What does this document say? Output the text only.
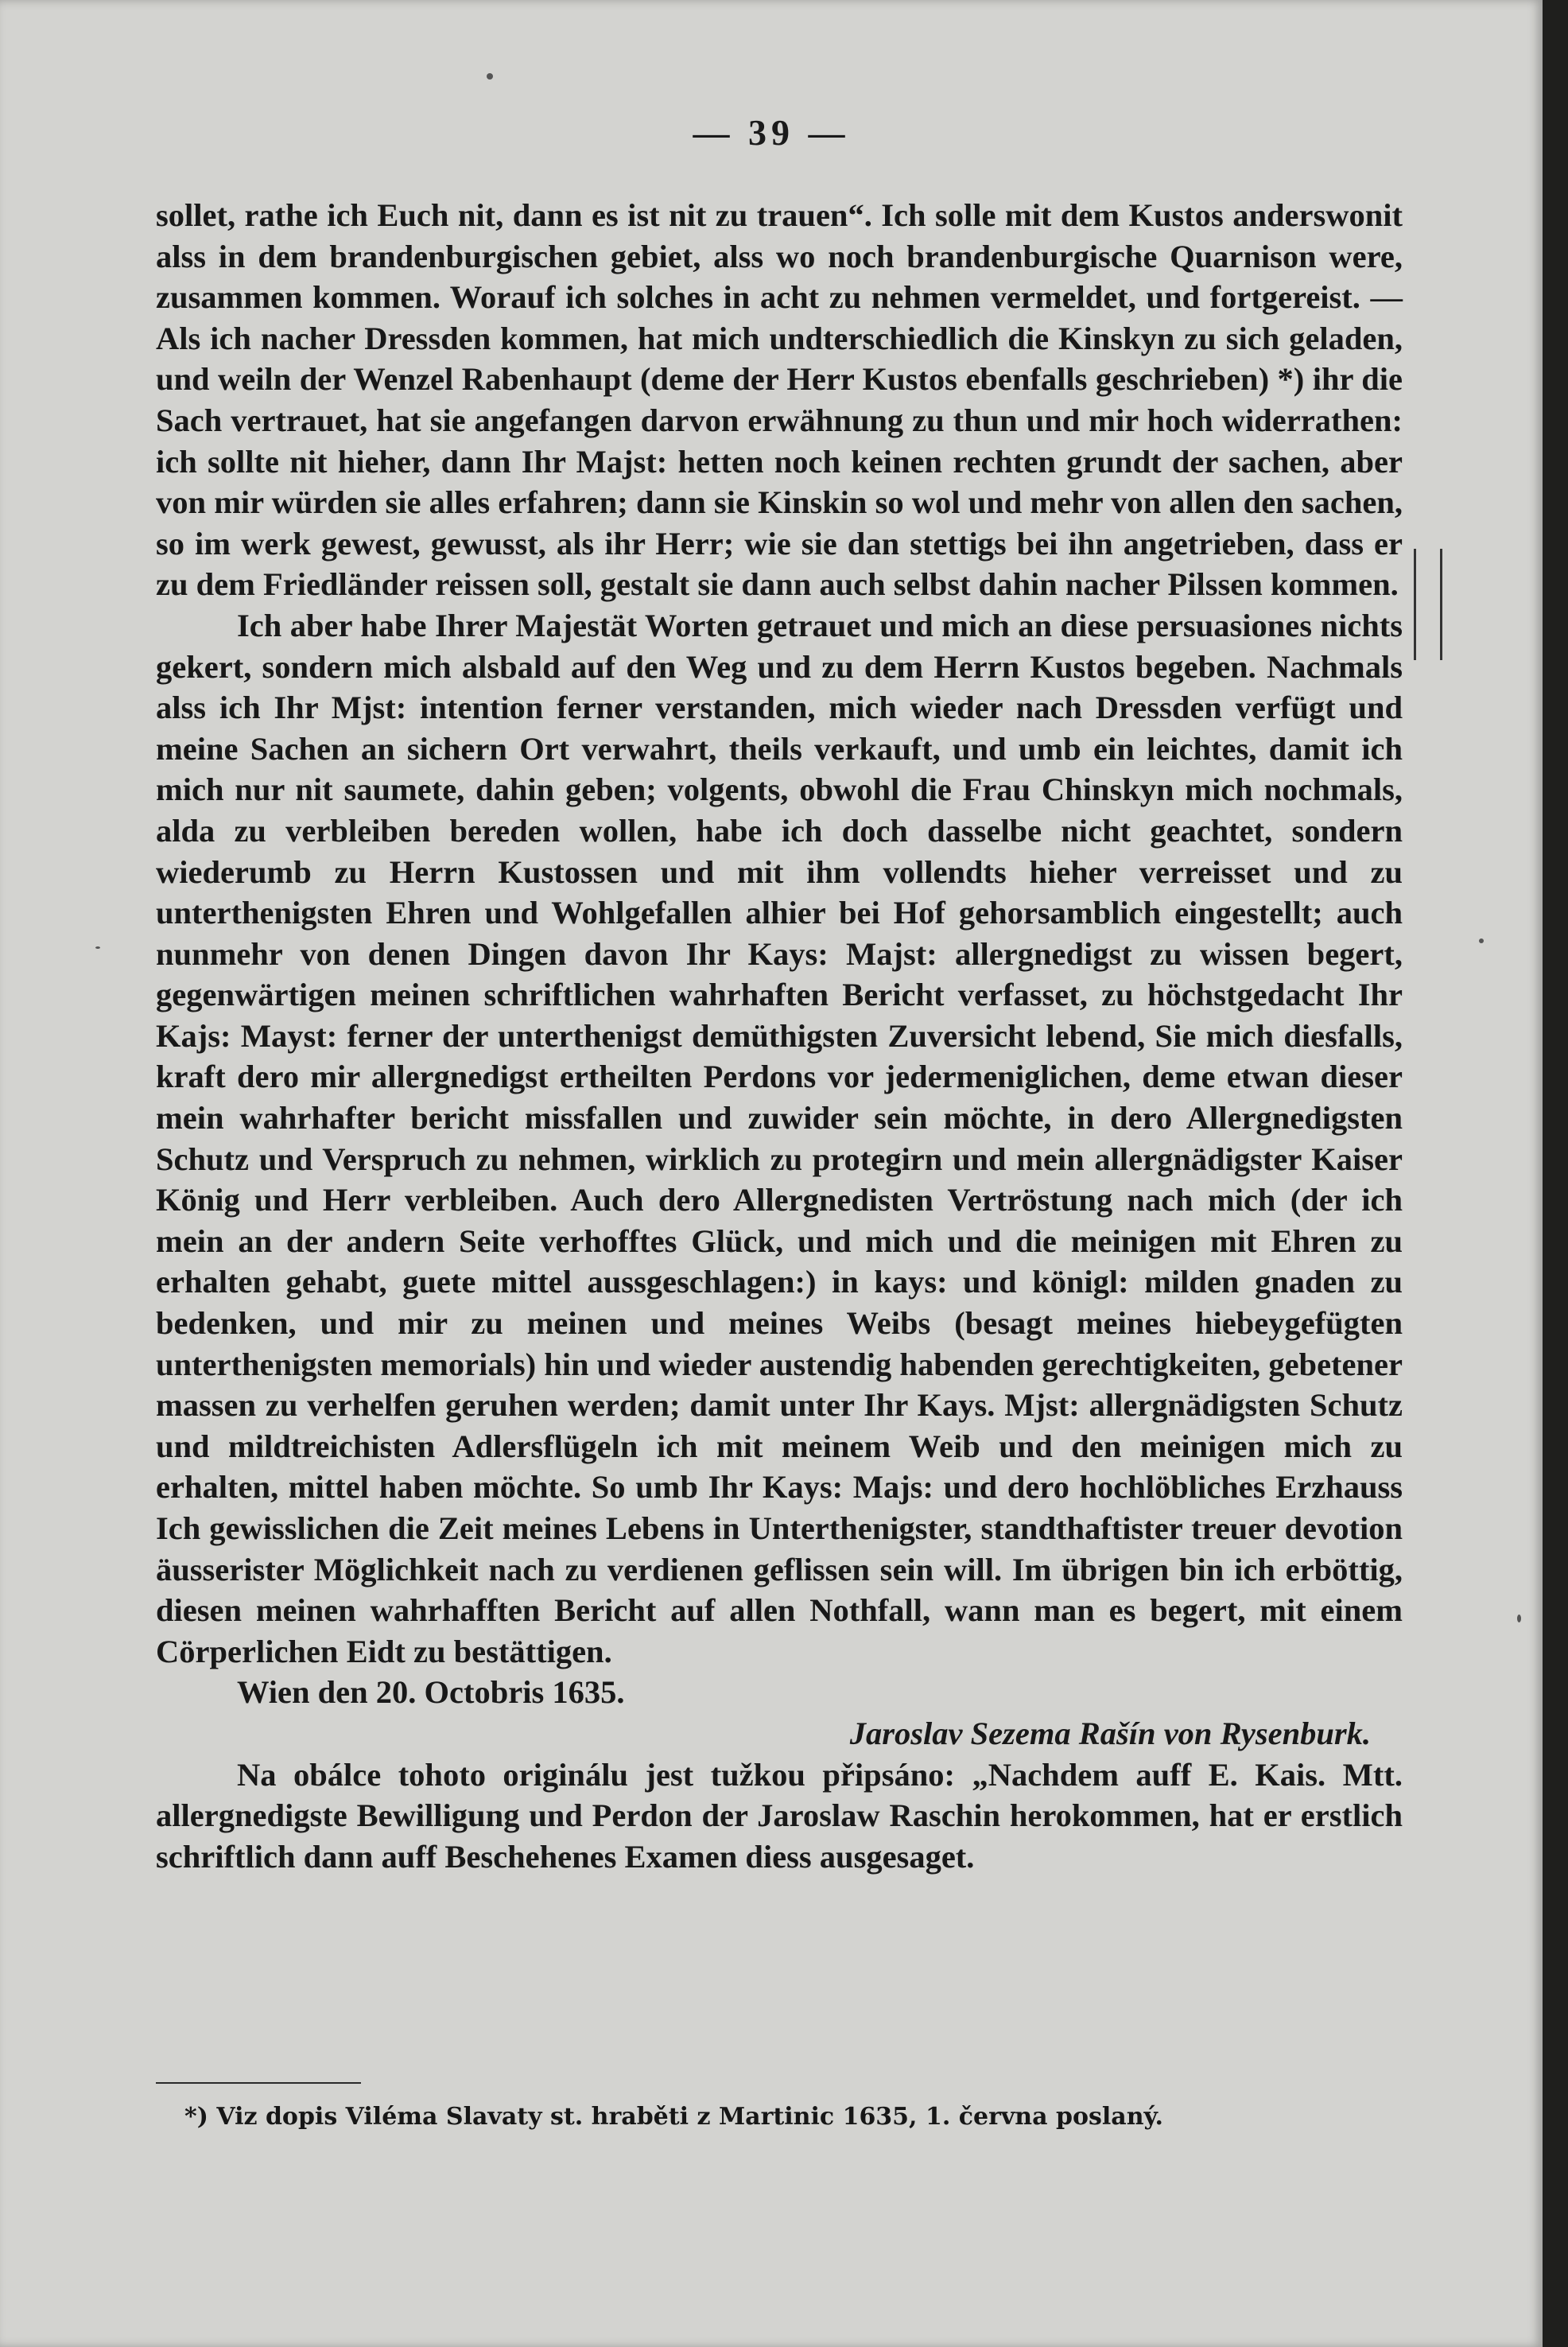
— 39 —

sollet, rathe ich Euch nit, dann es ist nit zu trauen“. Ich solle mit dem Kustos anderswonit alss in dem brandenburgischen gebiet, alss wo noch brandenburgische Quarnison were, zusammen kommen. Worauf ich solches in acht zu nehmen vermeldet, und fortgereist. — Als ich nacher Dressden kommen, hat mich undterschiedlich die Kinskyn zu sich geladen, und weiln der Wenzel Rabenhaupt (deme der Herr Kustos ebenfalls geschrieben) *) ihr die Sach vertrauet, hat sie angefangen darvon erwähnung zu thun und mir hoch widerrathen: ich sollte nit hieher, dann Ihr Majst: hetten noch keinen rechten grundt der sachen, aber von mir würden sie alles erfahren; dann sie Kinskin so wol und mehr von allen den sachen, so im werk gewest, gewusst, als ihr Herr; wie sie dan stettigs bei ihn angetrieben, dass er zu dem Friedländer reissen soll, gestalt sie dann auch selbst dahin nacher Pilssen kommen.

Ich aber habe Ihrer Majestät Worten getrauet und mich an diese persuasiones nichts gekert, sondern mich alsbald auf den Weg und zu dem Herrn Kustos begeben. Nachmals alss ich Ihr Mjst: intention ferner verstanden, mich wieder nach Dressden verfügt und meine Sachen an sichern Ort verwahrt, theils verkauft, und umb ein leichtes, damit ich mich nur nit saumete, dahin geben; volgents, obwohl die Frau Chinskyn mich nochmals, alda zu verbleiben bereden wollen, habe ich doch dasselbe nicht geachtet, sondern wiederumb zu Herrn Kustossen und mit ihm vollendts hieher verreisset und zu unterthenigsten Ehren und Wohlgefallen alhier bei Hof gehorsamblich eingestellt; auch nunmehr von denen Dingen davon Ihr Kays: Majst: allergnedigst zu wissen begert, gegenwärtigen meinen schriftlichen wahrhaften Bericht verfasset, zu höchstgedacht Ihr Kajs: Mayst: ferner der unterthenigst demüthigsten Zuversicht lebend, Sie mich diesfalls, kraft dero mir allergnedigst ertheilten Perdons vor jedermeniglichen, deme etwan dieser mein wahrhafter bericht missfallen und zuwider sein möchte, in dero Allergnedigsten Schutz und Verspruch zu nehmen, wirklich zu protegirn und mein allergnädigster Kaiser König und Herr verbleiben. Auch dero Allergnedisten Vertröstung nach mich (der ich mein an der andern Seite verhofftes Glück, und mich und die meinigen mit Ehren zu erhalten gehabt, guete mittel aussgeschlagen:) in kays: und königl: milden gnaden zu bedenken, und mir zu meinen und meines Weibs (besagt meines hiebeygefügten unterthenigsten memorials) hin und wieder austendig habenden gerechtigkeiten, gebetener massen zu verhelfen geruhen werden; damit unter Ihr Kays. Mjst: allergnädigsten Schutz und mildtreichisten Adlersflügeln ich mit meinem Weib und den meinigen mich zu erhalten, mittel haben möchte. So umb Ihr Kays: Majs: und dero hochlöbliches Erzhauss Ich gewisslichen die Zeit meines Lebens in Unterthenigster, standthaftister treuer devotion äusserister Möglichkeit nach zu verdienen geflissen sein will. Im übrigen bin ich erböttig, diesen meinen wahrhafften Bericht auf allen Nothfall, wann man es begert, mit einem Cörperlichen Eidt zu bestättigen.

Wien den 20. Octobris 1635.

Jaroslav Sezema Rašín von Rysenburk.

Na obálce tohoto originálu jest tužkou připsáno: „Nachdem auff E. Kais. Mtt. allergnedigste Bewilligung und Perdon der Jaroslaw Raschin herokommen, hat er erstlich schriftlich dann auff Beschehenes Examen diess ausgesaget.

*) Viz dopis Viléma Slavaty st. hraběti z Martinic 1635, 1. června poslaný.
